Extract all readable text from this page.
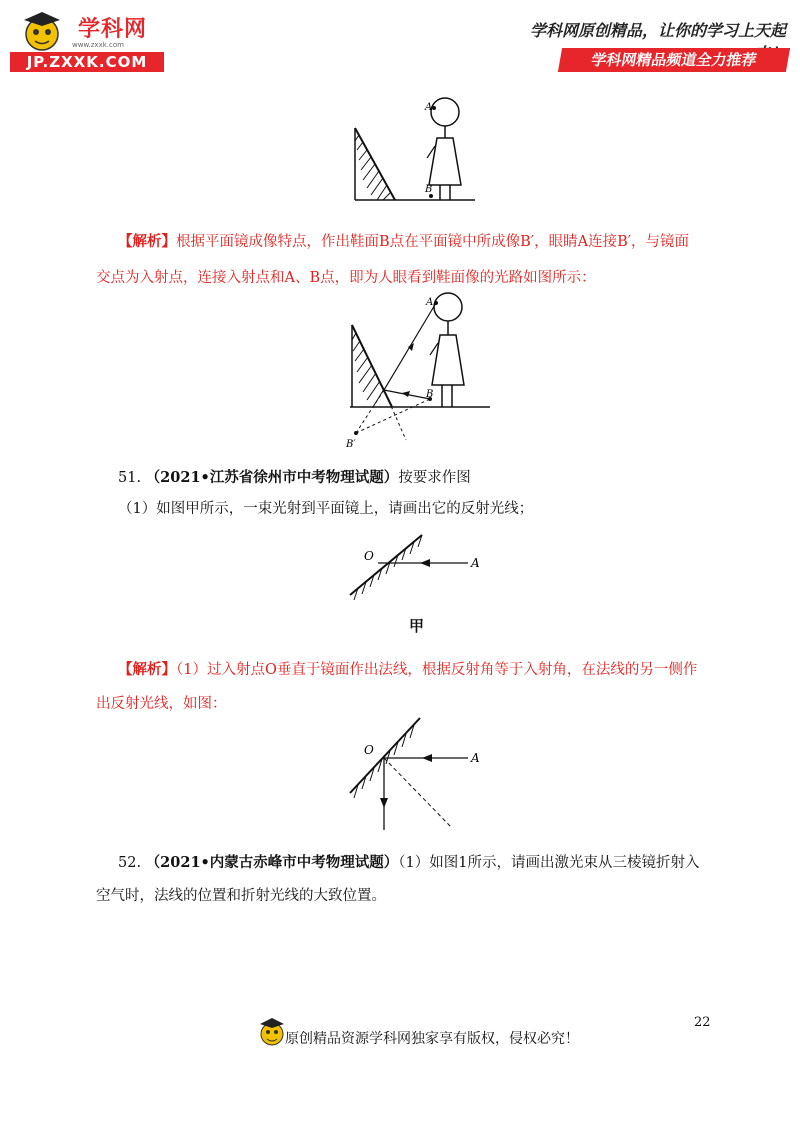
学科网
www.zxxk.com
JP.ZXXK.COM
学科网原创精品，让你的学习上天起
学科网精品频道全力推荐
A
B
【解析】根据平面镜成像特点，作出鞋面B点在平面镜中所成像B′，眼睛A连接B′，与镜面
交点为入射点，连接入射点和A、B点，即为人眼看到鞋面像的光路如图所示：
A
B
B′
51. （2021•江苏省徐州市中考物理试题）按要求作图
（1）如图甲所示，一束光射到平面镜上，请画出它的反射光线；
O	A
甲
【解析】（1）过入射点O垂直于镜面作出法线，根据反射角等于入射角，在法线的另一侧作
出反射光线，如图：
O
A
52. （2021•内蒙古赤峰市中考物理试题）（1）如图1所示，请画出激光束从三棱镜折射入
空气时，法线的位置和折射光线的大致位置。
22
原创精品资源学科网独家享有版权，侵权必究！
